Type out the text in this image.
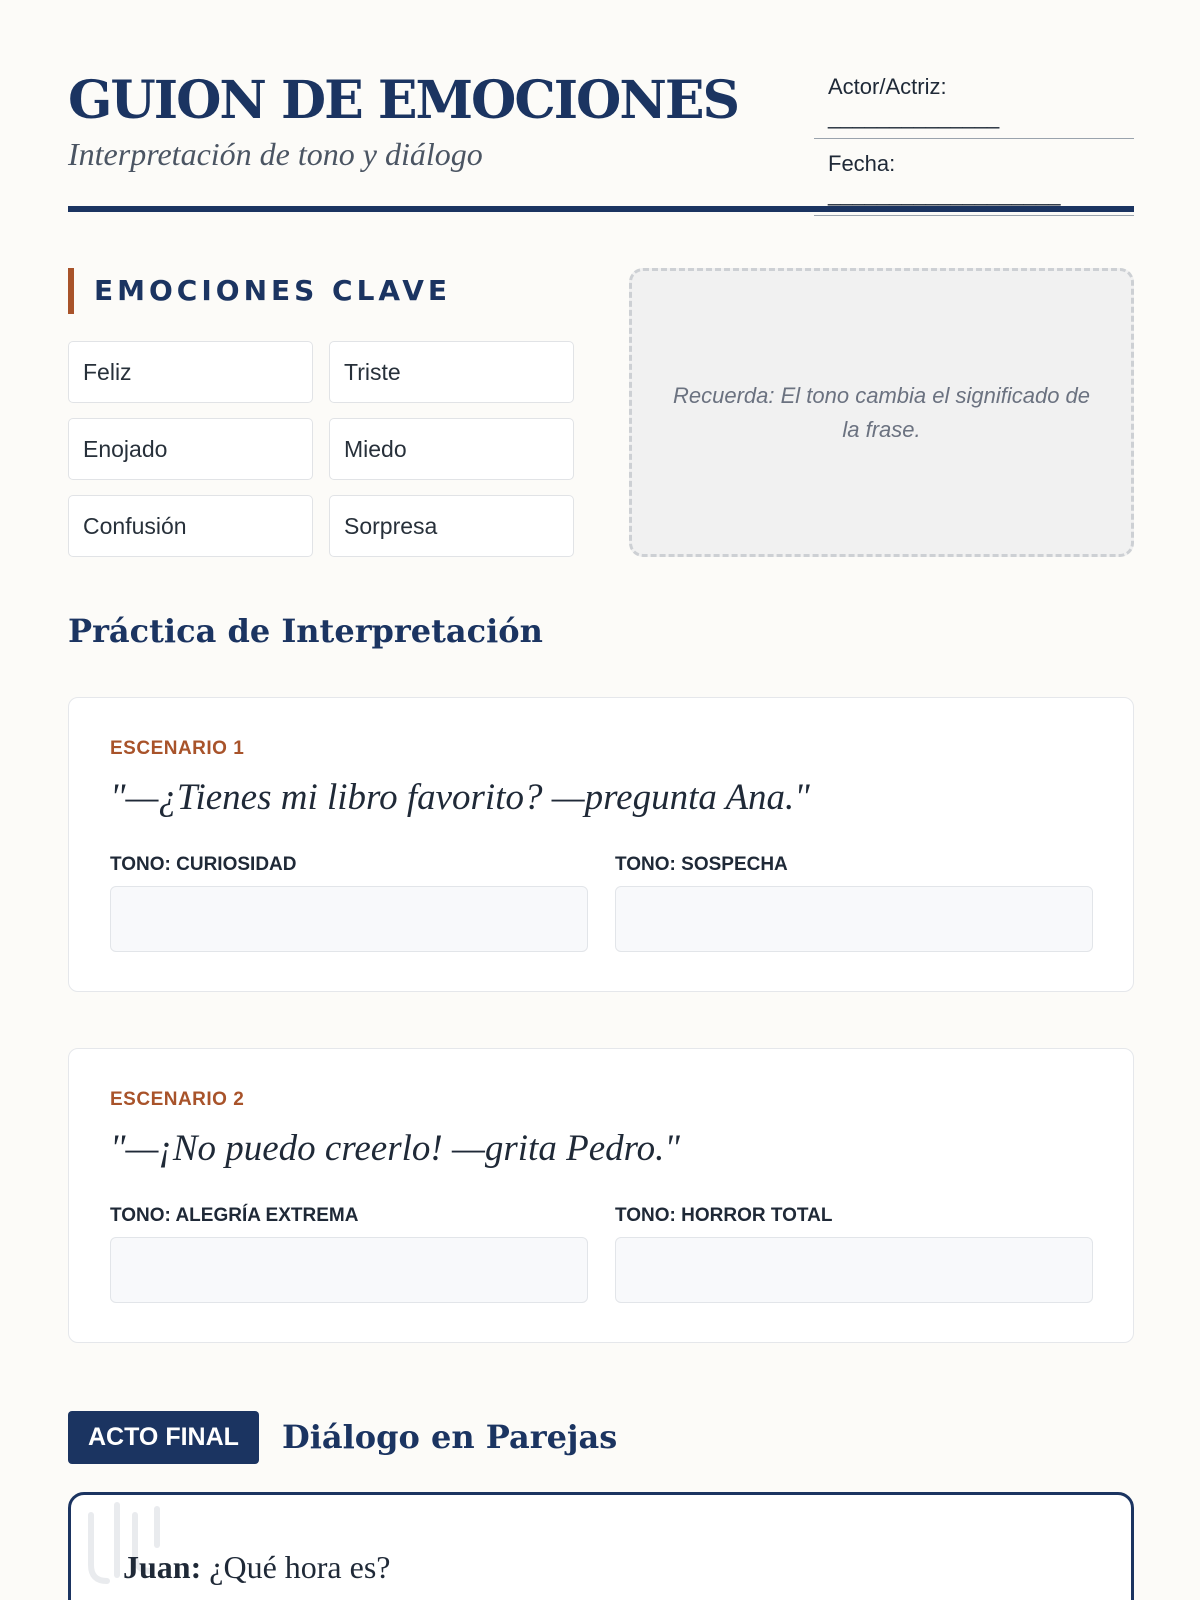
GUION DE EMOCIONES
Interpretación de tono y diálogo
Actor/Actriz: ______________
Fecha: ___________________
EMOCIONES CLAVE
Feliz	Triste
Enojado	Miedo
Confusión	Sorpresa
Recuerda: El tono cambia el significado de la frase.
Práctica de Interpretación
ESCENARIO 1
"—¿Tienes mi libro favorito? —pregunta Ana."
TONO: CURIOSIDAD	TONO: SOSPECHA
ESCENARIO 2
"—¡No puedo creerlo! —grita Pedro."
TONO: ALEGRÍA EXTREMA	TONO: HORROR TOTAL
ACTO FINAL	Diálogo en Parejas
Juan: ¿Qué hora es?
